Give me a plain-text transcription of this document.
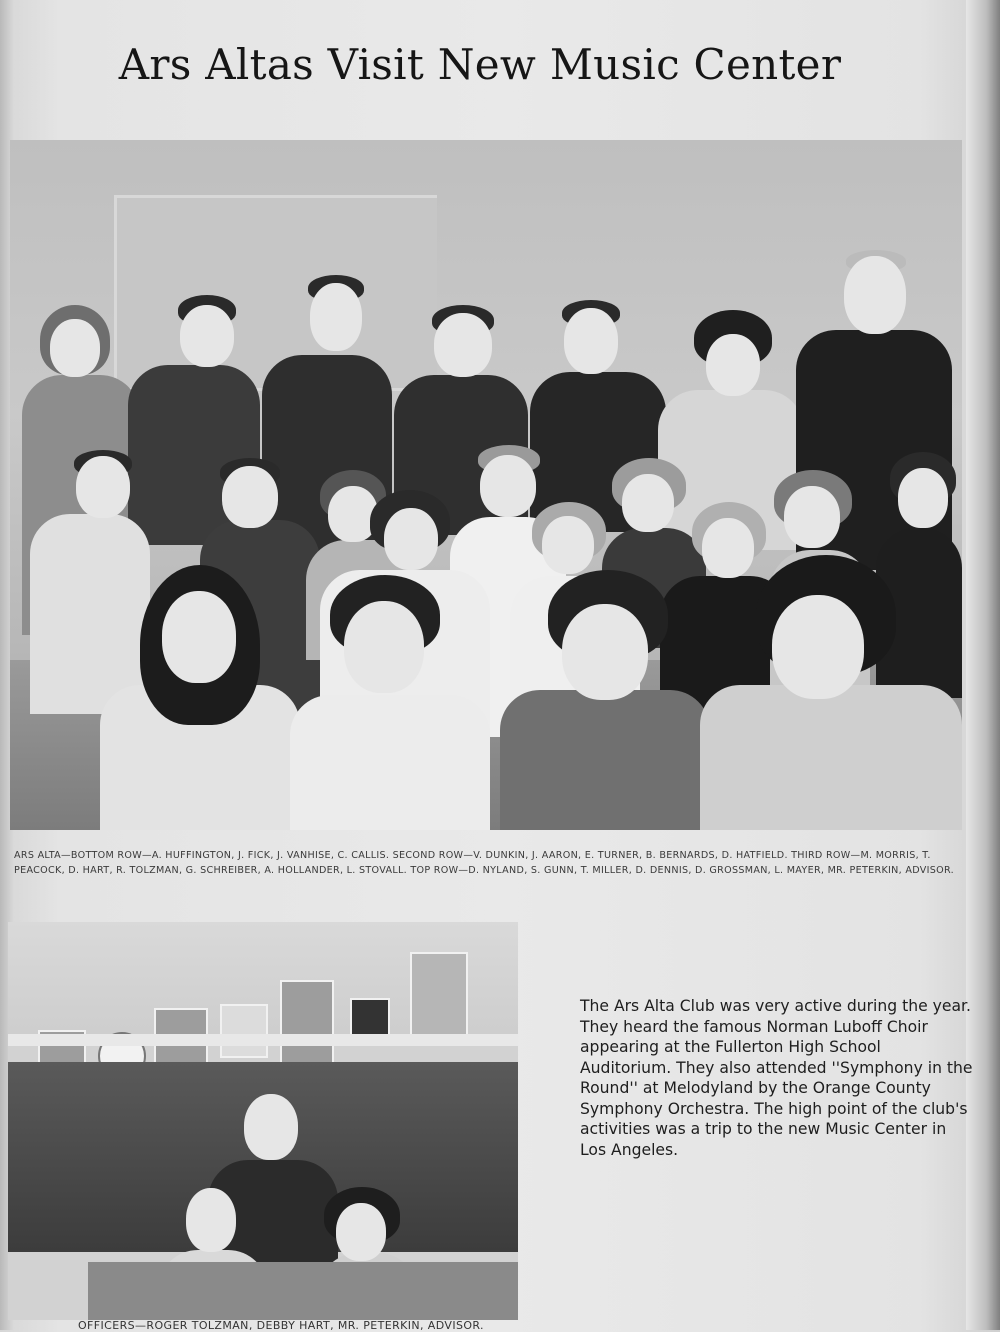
Ars Altas Visit New Music Center
ARS ALTA—BOTTOM ROW—A. HUFFINGTON, J. FICK, J. VANHISE, C. CALLIS. SECOND ROW—V. DUNKIN, J. AARON, E. TURNER, B. BERNARDS, D. HATFIELD. THIRD ROW—M. MORRIS, T. PEACOCK, D. HART, R. TOLZMAN, G. SCHREIBER, A. HOLLANDER, L. STOVALL. TOP ROW—D. NYLAND, S. GUNN, T. MILLER, D. DENNIS, D. GROSSMAN, L. MAYER, MR. PETERKIN, ADVISOR.
The Ars Alta Club was very active during the year. They heard the famous Norman Luboff Choir appearing at the Fullerton High School Auditorium. They also attended ''Symphony in the Round'' at Melodyland by the Orange County Symphony Orchestra. The high point of the club's activities was a trip to the new Music Center in Los Angeles.
OFFICERS—ROGER TOLZMAN, DEBBY HART, MR. PETERKIN, ADVISOR.
